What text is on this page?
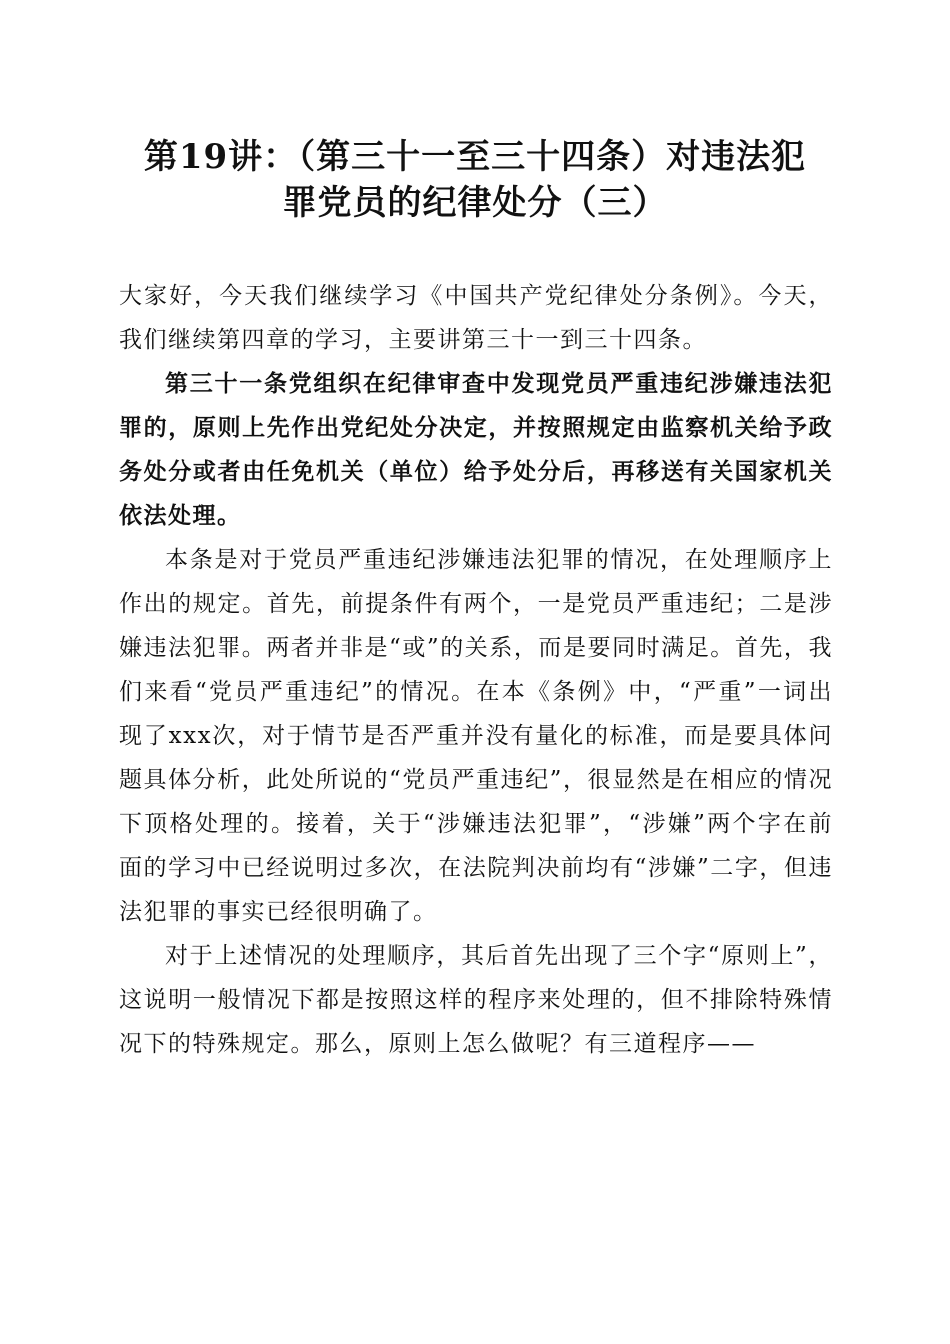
第19讲：（第三十一至三十四条）对违法犯
罪党员的纪律处分（三）

大家好，今天我们继续学习《中国共产党纪律处分条例》。今天，我们继续第四章的学习，主要讲第三十一到三十四条。

第三十一条党组织在纪律审查中发现党员严重违纪涉嫌违法犯罪的，原则上先作出党纪处分决定，并按照规定由监察机关给予政务处分或者由任免机关（单位）给予处分后，再移送有关国家机关依法处理。

本条是对于党员严重违纪涉嫌违法犯罪的情况，在处理顺序上作出的规定。首先，前提条件有两个，一是党员严重违纪；二是涉嫌违法犯罪。两者并非是“或”的关系，而是要同时满足。首先，我们来看“党员严重违纪”的情况。在本《条例》中，“严重”一词出现了xxx次，对于情节是否严重并没有量化的标准，而是要具体问题具体分析，此处所说的“党员严重违纪”，很显然是在相应的情况下顶格处理的。接着，关于“涉嫌违法犯罪”，“涉嫌”两个字在前面的学习中已经说明过多次，在法院判决前均有“涉嫌”二字，但违法犯罪的事实已经很明确了。

对于上述情况的处理顺序，其后首先出现了三个字“原则上”，这说明一般情况下都是按照这样的程序来处理的，但不排除特殊情况下的特殊规定。那么，原则上怎么做呢？有三道程序——
